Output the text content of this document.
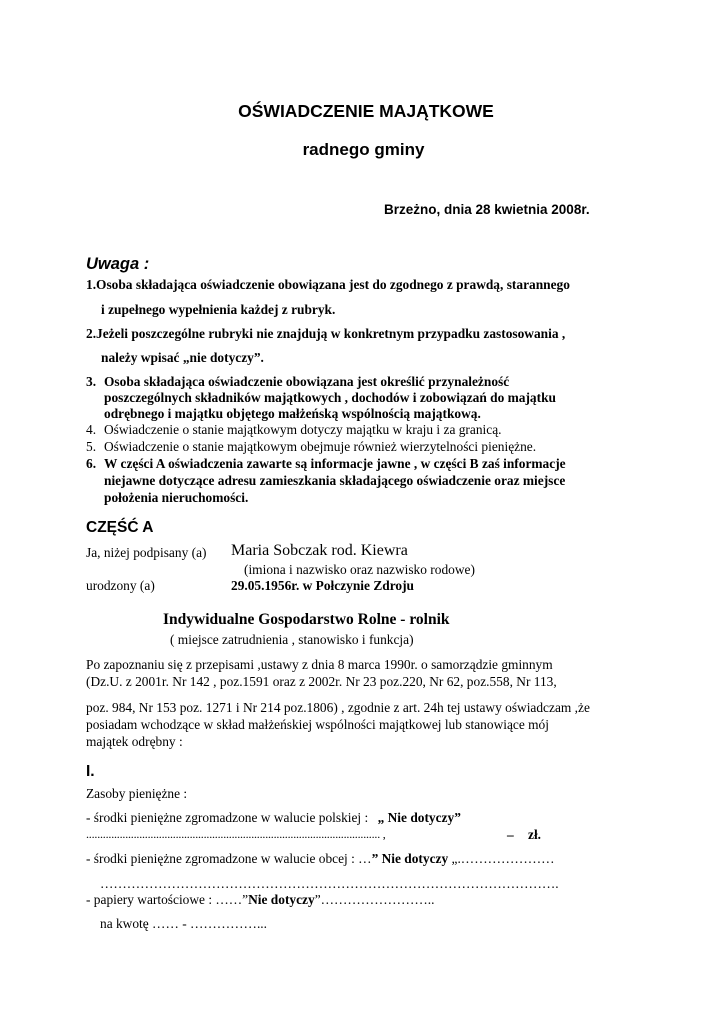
OŚWIADCZENIE MAJĄTKOWE
radnego gminy
Brzeżno, dnia 28 kwietnia 2008r.
Uwaga :
1.Osoba składająca oświadczenie obowiązana jest do zgodnego z prawdą, starannego
i zupełnego wypełnienia każdej z rubryk.
2.Jeżeli poszczególne rubryki nie znajdują w konkretnym przypadku zastosowania ,
należy wpisać „nie dotyczy”.
3. Osoba składająca oświadczenie obowiązana jest określić przynależność
poszczególnych składników majątkowych , dochodów i zobowiązań do majątku
odrębnego i majątku objętego małżeńską wspólnością majątkową.
4. Oświadczenie o stanie majątkowym dotyczy majątku w kraju i za granicą.
5. Oświadczenie o stanie majątkowym obejmuje również wierzytelności pieniężne.
6. W części A oświadczenia zawarte są informacje jawne , w części B zaś informacje
niejawne dotyczące adresu zamieszkania składającego oświadczenie oraz miejsce
położenia nieruchomości.
CZĘŚĆ A
Ja, niżej podpisany (a) Maria Sobczak rod. Kiewra
(imiona i nazwisko oraz nazwisko rodowe)
urodzony (a)	29.05.1956r. w Połczynie Zdroju
Indywidualne Gospodarstwo Rolne - rolnik
( miejsce zatrudnienia , stanowisko i funkcja)
Po zapoznaniu się z przepisami ,ustawy z dnia 8 marca 1990r. o samorządzie gminnym
(Dz.U. z 2001r. Nr 142 , poz.1591 oraz z 2002r. Nr 23 poz.220, Nr 62, poz.558, Nr 113,
poz. 984, Nr 153 poz. 1271 i Nr 214 poz.1806) , zgodnie z art. 24h tej ustawy oświadczam ,że
posiadam wchodzące w skład małżeńskiej wspólności majątkowej lub stanowiące mój
majątek odrębny :
I.
Zasoby pieniężne :
- środki pieniężne zgromadzone w walucie polskiej : „ Nie dotyczy”
......................................................................................................... ,	– zł.
- środki pieniężne zgromadzone w walucie obcej : …” Nie dotyczy „.…………………
………………………………………………………………………………………….
- papiery wartościowe : ……”Nie dotyczy”……………………..
na kwotę …… - ……………...
